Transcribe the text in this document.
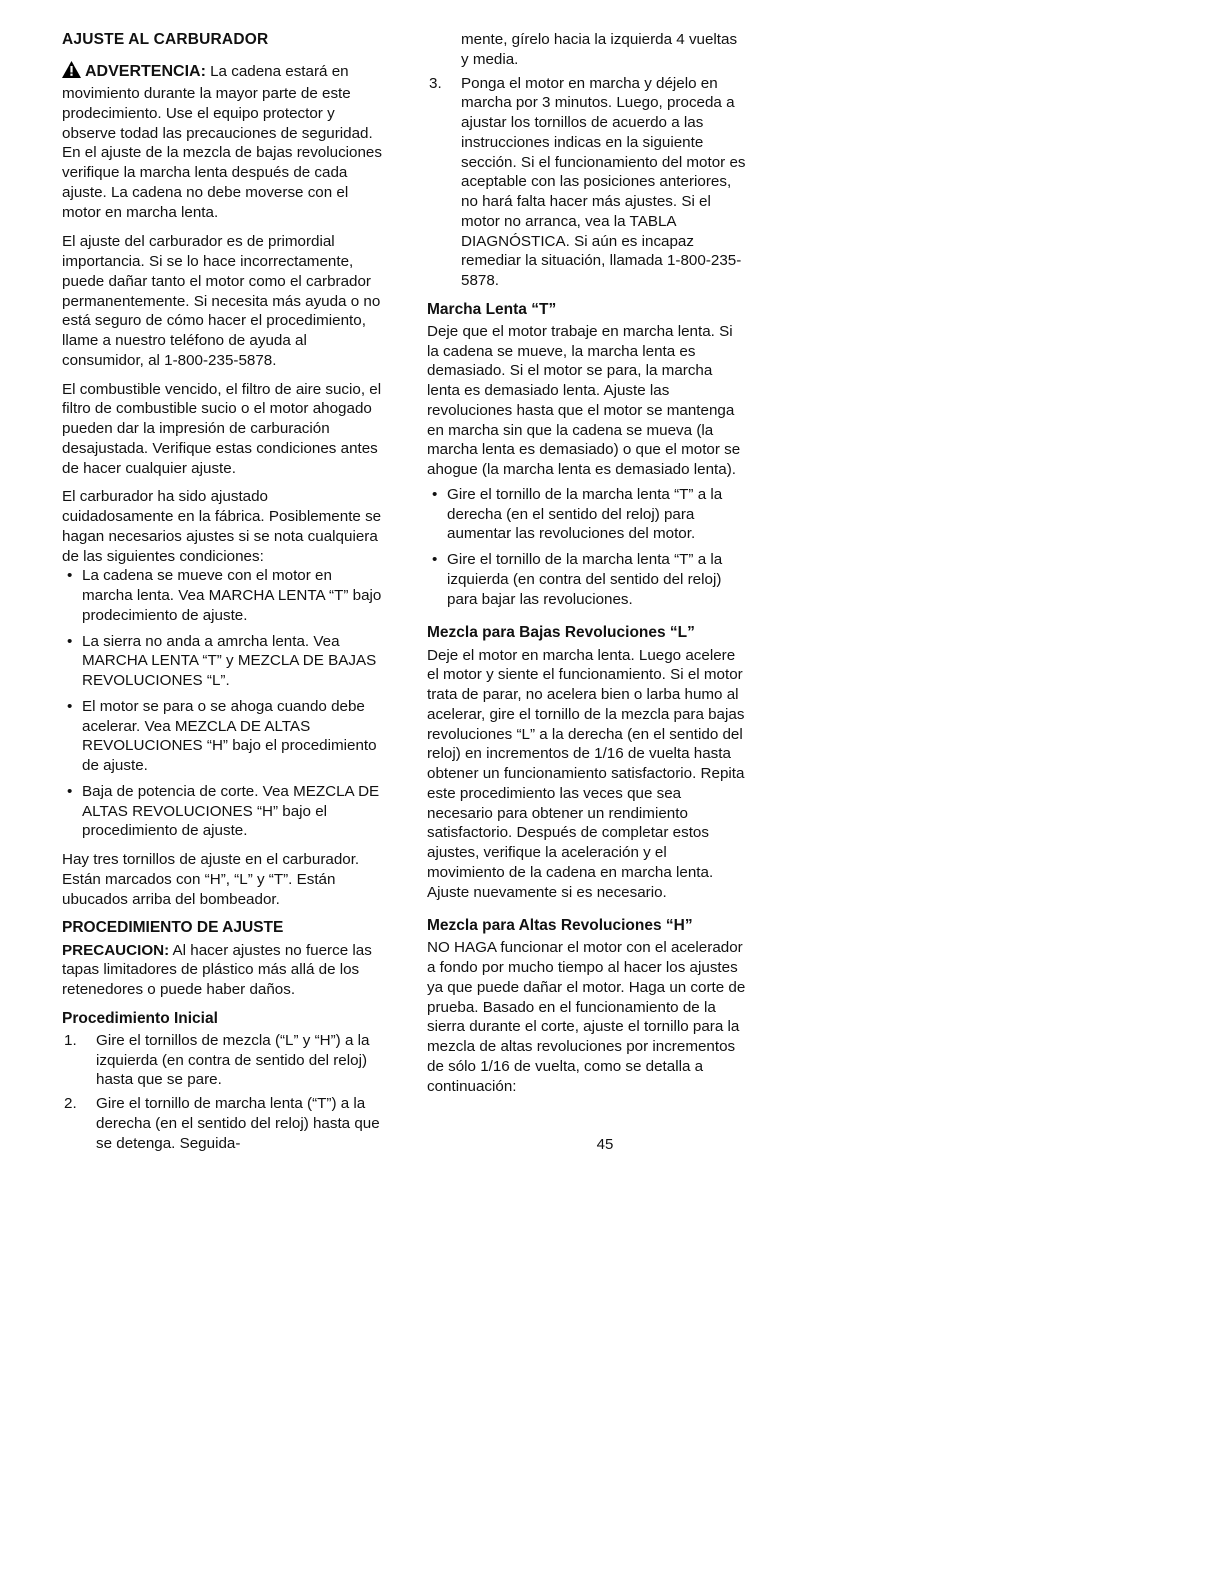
AJUSTE AL CARBURADOR
ADVERTENCIA: La cadena estará en movimiento durante la mayor parte de este prodecimiento. Use el equipo protector y observe todad las precauciones de seguridad. En el ajuste de la mezcla de bajas revoluciones verifique la marcha lenta después de cada ajuste. La cadena no debe moverse con el motor en marcha lenta.

El ajuste del carburador es de primordial importancia. Si se lo hace incorrectamente, puede dañar tanto el motor como el carbrador permanentemente. Si necesita más ayuda o no está seguro de cómo hacer el procedimiento, llame a nuestro teléfono de ayuda al consumidor, al 1-800-235-5878.

El combustible vencido, el filtro de aire sucio, el filtro de combustible sucio o el motor ahogado pueden dar la impresión de carburación desajustada. Verifique estas condiciones antes de hacer cualquier ajuste.

El carburador ha sido ajustado cuidadosamente en la fábrica. Posiblemente se hagan necesarios ajustes si se nota cualquiera de las siguientes condiciones:

• La cadena se mueve con el motor en marcha lenta. Vea MARCHA LENTA “T” bajo prodecimiento de ajuste.
• La sierra no anda a amrcha lenta. Vea MARCHA LENTA “T” y MEZCLA DE BAJAS REVOLUCIONES “L”.
• El motor se para o se ahoga cuando debe acelerar. Vea MEZCLA DE ALTAS REVOLUCIONES “H” bajo el procedimiento de ajuste.
• Baja de potencia de corte. Vea MEZCLA DE ALTAS REVOLUCIONES “H” bajo el procedimiento de ajuste.

Hay tres tornillos de ajuste en el carburador. Están marcados con “H”, “L” y “T”. Están ubucados arriba del bombeador.

PROCEDIMIENTO DE AJUSTE

PRECAUCION: Al hacer ajustes no fuerce las tapas limitadores de plástico más allá de los retenedores o puede haber daños.

Procedimiento Inicial
1. Gire el tornillos de mezcla (“L” y “H”) a la izquierda (en contra de sentido del reloj) hasta que se pare.
2. Gire el tornillo de marcha lenta (“T”) a la derecha (en el sentido del reloj) hasta que se detenga. Seguida-

mente, gírelo hacia la izquierda 4 vueltas y media.

3. Ponga el motor en marcha y déjelo en marcha por 3 minutos. Luego, proceda a ajustar los tornillos de acuerdo a las instrucciones indicas en la siguiente sección. Si el funcionamiento del motor es aceptable con las posiciones anteriores, no hará falta hacer más ajustes. Si el motor no arranca, vea la TABLA DIAGNÓSTICA. Si aún es incapaz remediar la situación, llamada 1-800-235-5878.
Marcha Lenta “T”

Deje que el motor trabaje en marcha lenta. Si la cadena se mueve, la marcha lenta es demasiado. Si el motor se para, la marcha lenta es demasiado lenta. Ajuste las revoluciones hasta que el motor se mantenga en marcha sin que la cadena se mueva (la marcha lenta es demasiado) o que el motor se ahogue (la marcha lenta es demasiado lenta).

• Gire el tornillo de la marcha lenta “T” a la derecha (en el sentido del reloj) para aumentar las revoluciones del motor.
• Gire el tornillo de la marcha lenta “T” a la izquierda (en contra del sentido del reloj) para bajar las revoluciones.
Mezcla para Bajas Revoluciones “L”

Deje el motor en marcha lenta. Luego acelere el motor y siente el funcionamiento. Si el motor trata de parar, no acelera bien o larba humo al acelerar, gire el tornillo de la mezcla para bajas revoluciones “L” a la derecha (en el sentido del reloj) en incrementos de 1/16 de vuelta hasta obtener un funcionamiento satisfactorio. Repita este procedimiento las veces que sea necesario para obtener un rendimiento satisfactorio. Después de completar estos ajustes, verifique la aceleración y el movimiento de la cadena en marcha lenta. Ajuste nuevamente si es necesario.

Mezcla para Altas Revoluciones “H”

NO HAGA funcionar el motor con el acelerador a fondo por mucho tiempo al hacer los ajustes ya que puede dañar el motor. Haga un corte de prueba. Basado en el funcionamiento de la sierra durante el corte, ajuste el tornillo para la mezcla de altas revoluciones por incrementos de sólo 1/16 de vuelta, como se detalla a continuación:

45
